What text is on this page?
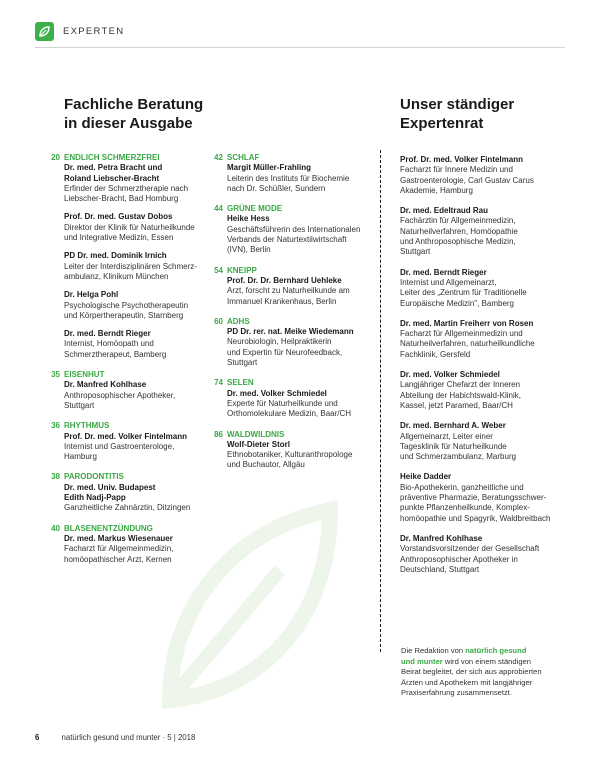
EXPERTEN
Fachliche Beratung
in dieser Ausgabe
Unser ständiger
Expertenrat
20 ENDLICH SCHMERZFREI
Dr. med. Petra Bracht und
Roland Liebscher-Bracht
Erfinder der Schmerztherapie nach
Liebscher-Bracht, Bad Homburg
Prof. Dr. med. Gustav Dobos
Direktor der Klinik für Naturheilkunde
und Integrative Medizin, Essen
PD Dr. med. Dominik Irnich
Leiter der Interdisziplinären Schmerz-
ambulanz, Klinikum München
Dr. Helga Pohl
Psychologische Psychotherapeutin
und Körpertherapeutin, Starnberg
Dr. med. Berndt Rieger
Internist, Homöopath und
Schmerztherapeut, Bamberg
35 EISENHUT
Dr. Manfred Kohlhase
Anthroposophischer Apotheker,
Stuttgart
36 RHYTHMUS
Prof. Dr. med. Volker Fintelmann
Internist und Gastroenterologe,
Hamburg
38 PARODONTITIS
Dr. med. Univ. Budapest
Edith Nadj-Papp
Ganzheitliche Zahnärztin, Ditzingen
40 BLASENENTZÜNDUNG
Dr. med. Markus Wiesenauer
Facharzt für Allgemeinmedizin,
homöopathischer Arzt, Kernen
42 SCHLAF
Margit Müller-Frahling
Leiterin des Instituts für Biochemie
nach Dr. Schüßler, Sundern
44 GRÜNE MODE
Heike Hess
Geschäftsführerin des Internationalen
Verbands der Naturtextilwirtschaft
(IVN), Berlin
54 KNEIPP
Prof. Dr. Dr. Bernhard Uehleke
Arzt, forscht zu Naturheilkunde am
Immanuel Krankenhaus, Berlin
60 ADHS
PD Dr. rer. nat. Meike Wiedemann
Neurobiologin, Heilpraktikerin
und Expertin für Neurofeedback,
Stuttgart
74 SELEN
Dr. med. Volker Schmiedel
Experte für Naturheilkunde und
Orthomolekulare Medizin, Baar/CH
86 WALDWILDNIS
Wolf-Dieter Storl
Ethnobotaniker, Kulturanthropologe
und Buchautor, Allgäu
Prof. Dr. med. Volker Fintelmann
Facharzt für Innere Medizin und
Gastroenterologie, Carl Gustav Carus
Akademie, Hamburg
Dr. med. Edeltraud Rau
Fachärztin für Allgemeinmedizin,
Naturheilverfahren, Homöopathie
und Anthroposophische Medizin,
Stuttgart
Dr. med. Berndt Rieger
Internist und Allgemeinarzt,
Leiter des „Zentrum für Traditionelle
Europäische Medizin", Bamberg
Dr. med. Martin Freiherr von Rosen
Facharzt für Allgemeinmedizin und
Naturheilverfahren, naturheilkundliche
Fachklinik, Gersfeld
Dr. med. Volker Schmiedel
Langjähriger Chefarzt der Inneren
Abteilung der Habichtswald-Klinik,
Kassel, jetzt Paramed, Baar/CH
Dr. med. Bernhard A. Weber
Allgemeinarzt, Leiter einer
Tagesklinik für Naturheilkunde
und Schmerzambulanz, Marburg
Heike Dadder
Bio-Apothekerin, ganzheitliche und
präventive Pharmazie, Beratungsschwer-
punkte Pflanzenheilkunde, Komplex-
homöopathie und Spagyrik, Waldbreitbach
Dr. Manfred Kohlhase
Vorstandsvorsitzender der Gesellschaft
Anthroposophischer Apotheker in
Deutschland, Stuttgart
Die Redaktion von natürlich gesund
und munter wird von einem ständigen
Beirat begleitet, der sich aus approbierten
Ärzten und Apothekern mit langjähriger
Praxiserfahrung zusammensetzt.
6	natürlich gesund und munter · 5 | 2018
